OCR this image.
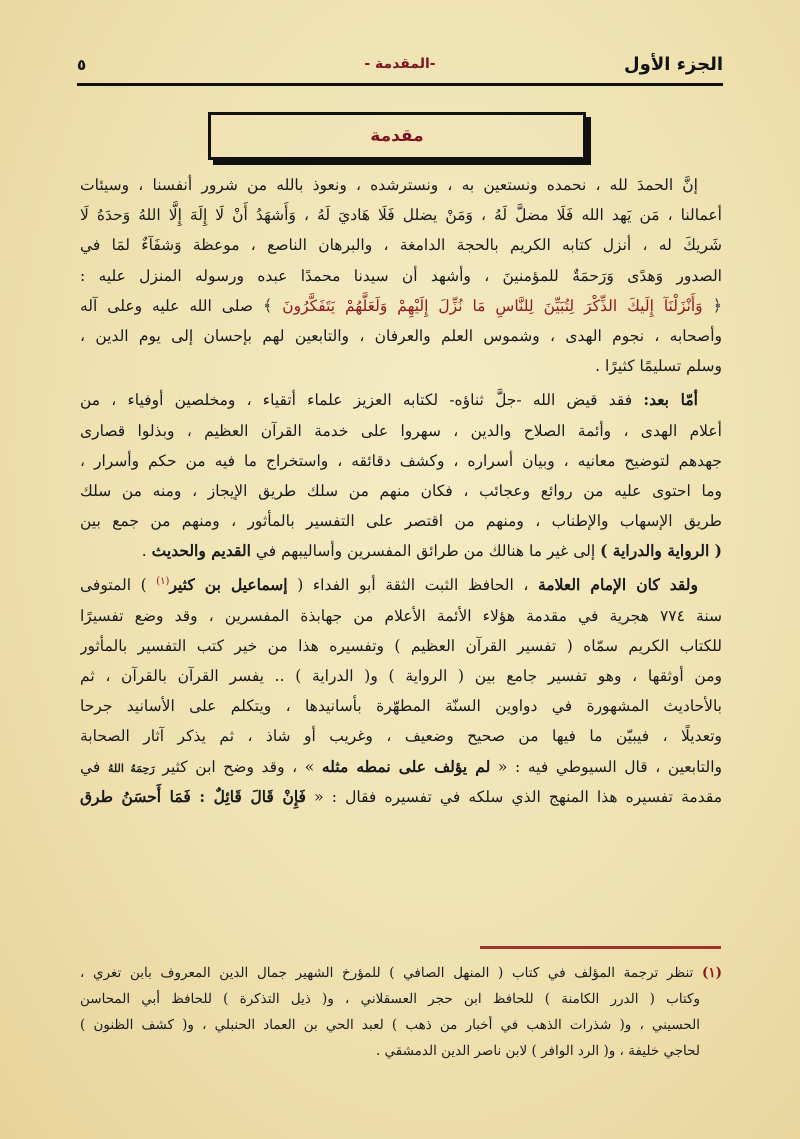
الجزء الأول
-المقدمة -
٥
مقدمة
إنَّ الحمدَ لله ، نحمده ونستعين به ، ونسترشده ، ونعوذ بالله من شرور أنفسنا ، وسيئات
أعمالنا ، مَن يَهد الله فَلَا مضلَّ لَهُ ، وَمَنْ يضلل فَلَا هَاديَ لَهُ ، وَأَشهَدُ أَنْ لَا إِلَهَ إِلَّا اللهُ وَحدَهُ لَا
شَريكَ له ، أنزل كتابه الكريم بالحجة الدامغة ، والبرهان الناصع ، موعظة وَشفَآءٌ لمَا في
الصدور وَهدًى وَرَحمَةٌ للمؤمنينَ ، وأشهد أن سيدنا محمدًا عبده ورسوله المنزل عليه :
﴿ وَأَنْزَلْنَآ إِلَيكَ الذِّكْرَ لِتُبَيِّنَ لِلنَّاسِ مَا نُزِّلَ إِلَيْهِمْ وَلَعَلَّهُمْ يَتَفَكَّرُونَ ﴾ صلى الله عليه وعلى آله
وأصحابه ، نجوم الهدى ، وشموس العلم والعرفان ، والتابعين لهم بإحسان إلى يوم الدين ،
وسلم تسليمًا كثيرًا .
أمّا بعد: فقد قيض الله -جلَّ ثناؤه- لكتابه العزيز علماء أتقياء ، ومخلصين أوفياء ، من
أعلام الهدى ، وأئمة الصلاح والدين ، سهروا على خدمة القرآن العظيم ، وبذلوا قصارى
جهدهم لتوضيح معانيه ، وبيان أسراره ، وكشف دقائقه ، واستخراج ما فيه من حكم وأسرار ،
وما احتوى عليه من روائع وعجائب ، فكان منهم من سلك طريق الإيجاز ، ومنه من سلك
طريق الإسهاب والإطناب ، ومنهم من اقتصر على التفسير بالمأثور ، ومنهم من جمع بين
( الرواية والدراية ) إلى غير ما هنالك من طرائق المفسرين وأساليبهم في القديم والحديث .
ولقد كان الإمام العلامة ، الحافظ الثبت الثقة أبو الفداء ( إسماعيل بن كثير$^{(١)}$ ) المتوفى
سنة ٧٧٤ هجرية في مقدمة هؤلاء الأئمة الأعلام من جهابذة المفسرين ، وقد وضع تفسيرًا
للكتاب الكريم سمّاه ( تفسير القرآن العظيم ) وتفسيره هذا من خير كتب التفسير بالمأثور
ومن أوثقها ، وهو تفسير جامع بين ( الرواية ) و( الدراية ) .. يفسر القرآن بالقرآن ، ثم
بالأحاديث المشهورة في دواوين السنّة المطهّرة بأسانيدها ، ويتكلم على الأسانيد جرحا
وتعديلًا ، فيبيّن ما فيها من صحيح وضعيف ، وغريب أو شاذ ، ثم يذكر آثار الصحابة
والتابعين ، قال السيوطي فيه : « لم يؤلف على نمطه مثله » ، وقد وضح ابن كثير رَحِمَهُ اللهُ في
مقدمة تفسيره هذا المنهج الذي سلكه في تفسيره فقال : « فَإِنْ قَالَ قَائِلٌ : فَمَا أَحسَنُ طرق
(١) تنظر ترجمة المؤلف في كتاب ( المنهل الصافي ) للمؤرخ الشهير جمال الدين المعروف بابن تغري ،
وكتاب ( الدرر الكامنة ) للحافظ ابن حجر العسقلاني ، و( ذيل التذكرة ) للحافظ أبي المحاسن
الحسيني ، و( شذرات الذهب في أخبار من ذهب ) لعبد الحي بن العماد الحنبلي ، و( كشف الظنون )
لحاجي خليفة ، و( الرد الوافر ) لابن ناصر الدين الدمشقي .
